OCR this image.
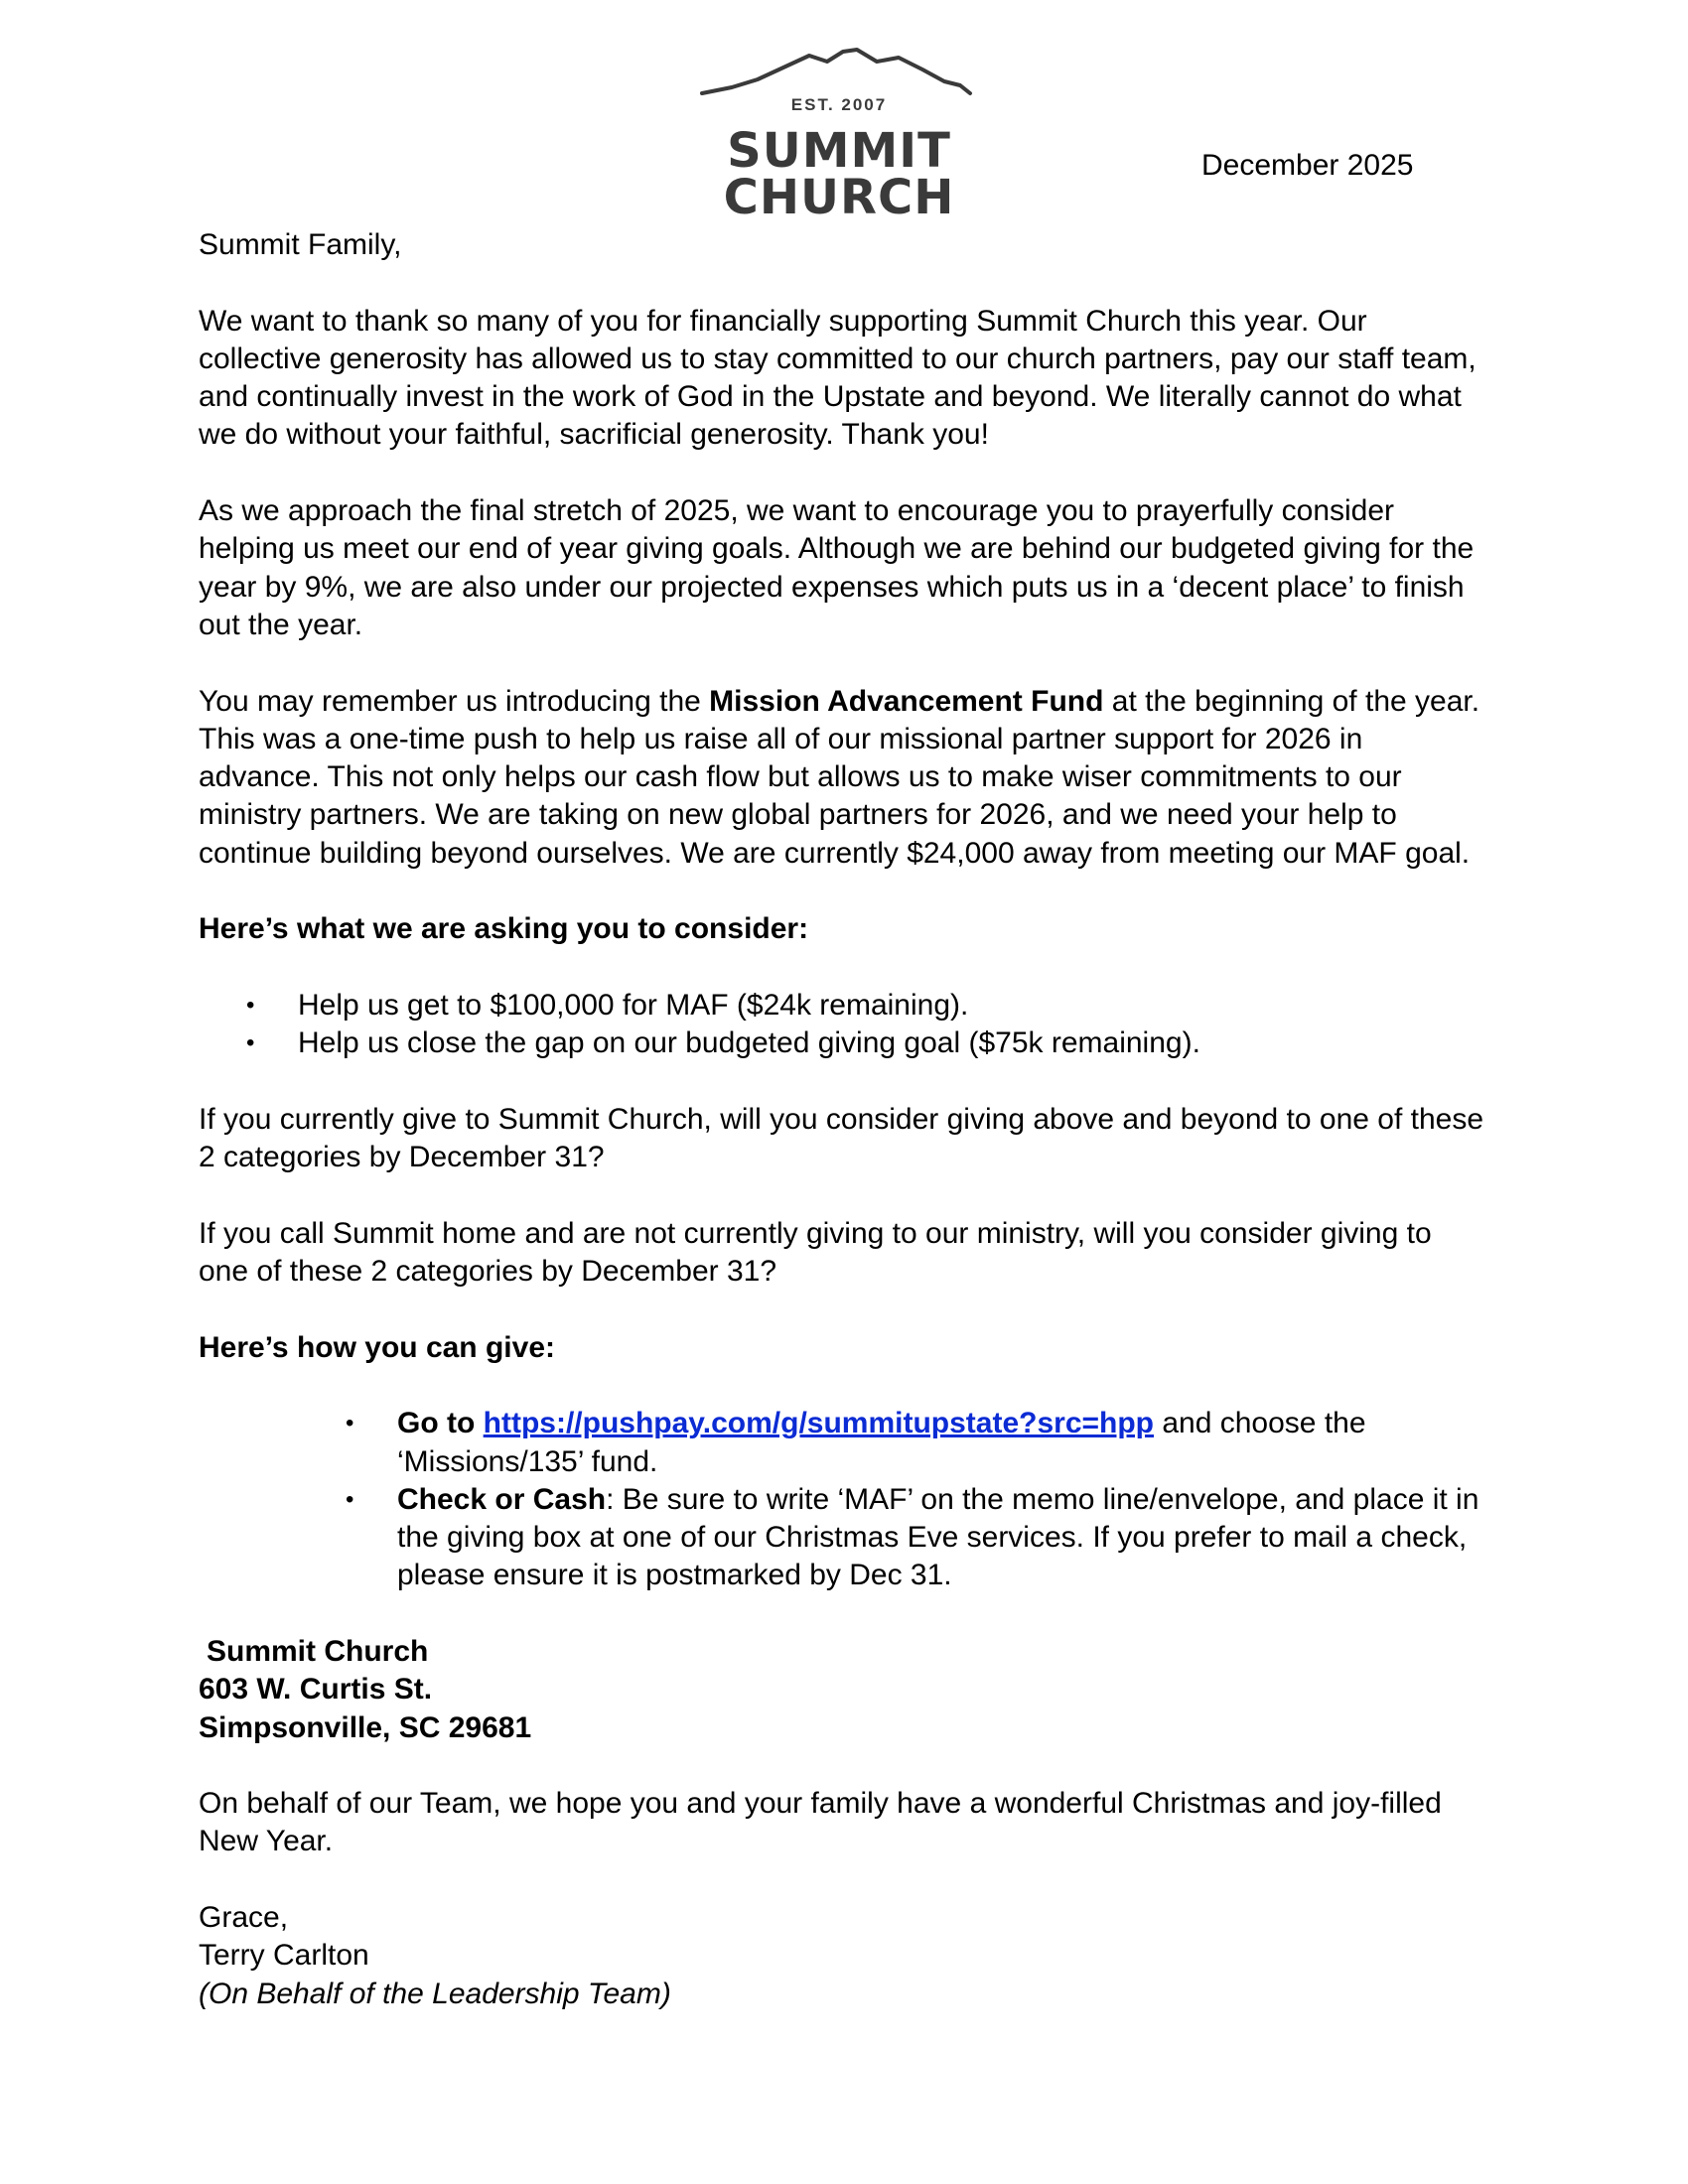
EST. 2007
SUMMIT
CHURCH
December 2025

Summit Family,

We want to thank so many of you for financially supporting Summit Church this year. Our collective generosity has allowed us to stay committed to our church partners, pay our staff team, and continually invest in the work of God in the Upstate and beyond. We literally cannot do what we do without your faithful, sacrificial generosity. Thank you!

As we approach the final stretch of 2025, we want to encourage you to prayerfully consider helping us meet our end of year giving goals. Although we are behind our budgeted giving for the year by 9%, we are also under our projected expenses which puts us in a ‘decent place’ to finish out the year.

You may remember us introducing the Mission Advancement Fund at the beginning of the year. This was a one-time push to help us raise all of our missional partner support for 2026 in advance. This not only helps our cash flow but allows us to make wiser commitments to our ministry partners. We are taking on new global partners for 2026, and we need your help to continue building beyond ourselves. We are currently $24,000 away from meeting our MAF goal.

Here’s what we are asking you to consider:

• Help us get to $100,000 for MAF ($24k remaining).
• Help us close the gap on our budgeted giving goal ($75k remaining).

If you currently give to Summit Church, will you consider giving above and beyond to one of these 2 categories by December 31?

If you call Summit home and are not currently giving to our ministry, will you consider giving to one of these 2 categories by December 31?

Here’s how you can give:

• Go to https://pushpay.com/g/summitupstate?src=hpp and choose the ‘Missions/135’ fund.
• Check or Cash: Be sure to write ‘MAF’ on the memo line/envelope, and place it in the giving box at one of our Christmas Eve services. If you prefer to mail a check, please ensure it is postmarked by Dec 31.
Summit Church
603 W. Curtis St.
Simpsonville, SC 29681

On behalf of our Team, we hope you and your family have a wonderful Christmas and joy-filled New Year.

Grace,
Terry Carlton
(On Behalf of the Leadership Team)
